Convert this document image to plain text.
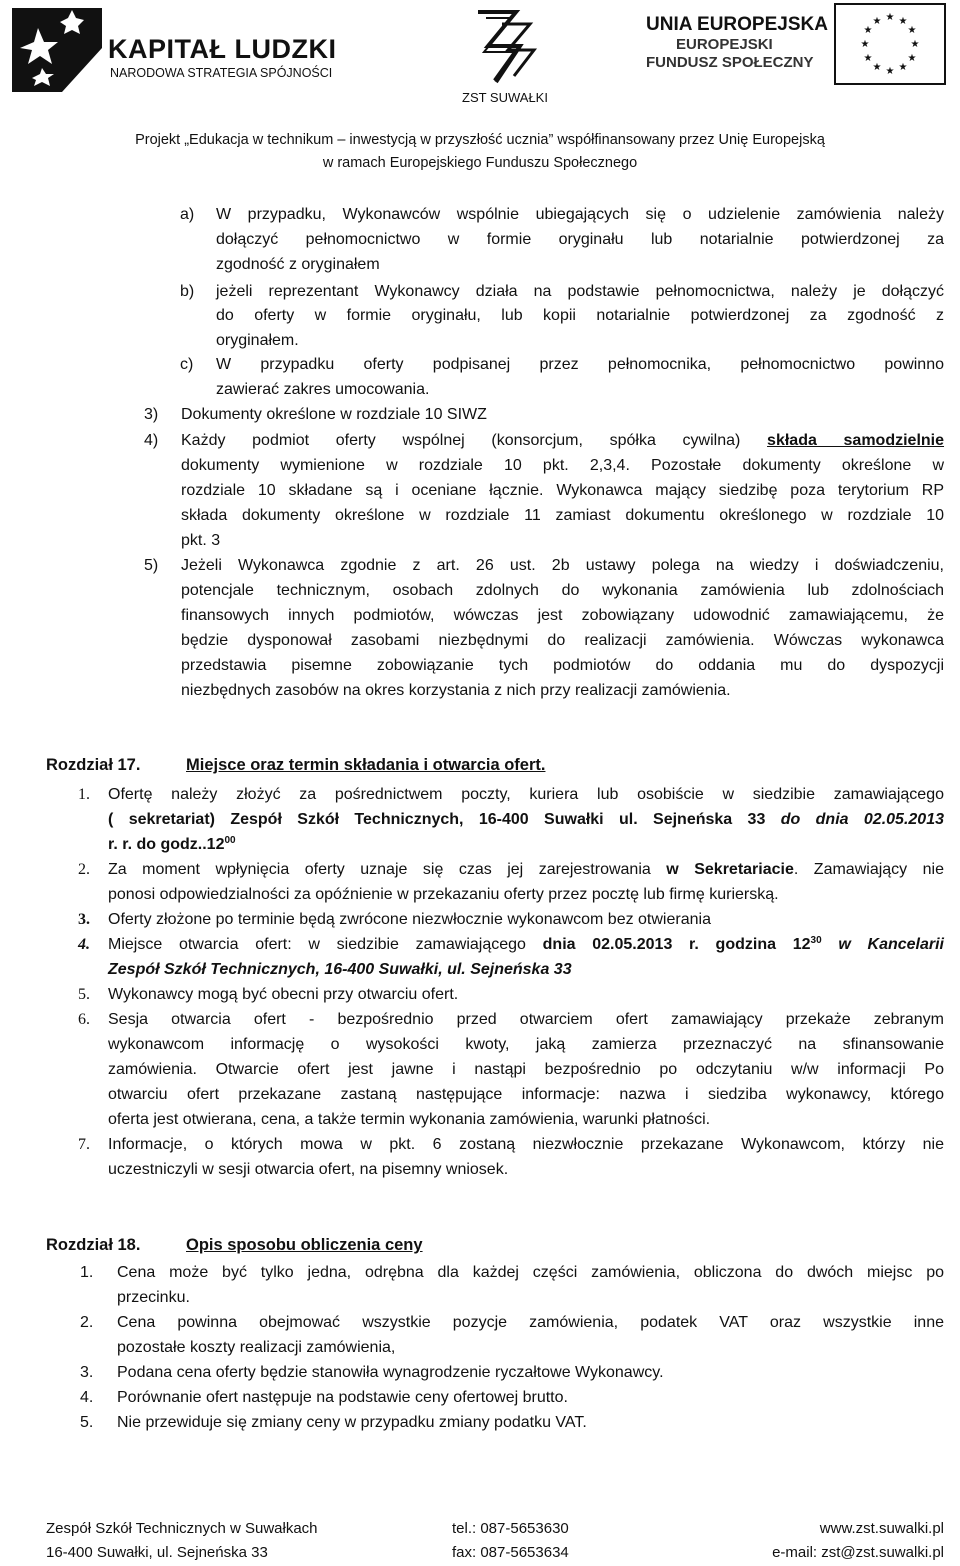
KAPITAŁ LUDZKI
NARODOWA STRATEGIA SPÓJNOŚCI
ZST SUWAŁKI
UNIA EUROPEJSKA
EUROPEJSKI
FUNDUSZ SPOŁECZNY
★ ★
★
★
★
★
★
★
★
★
★
★
Projekt „Edukacja w technikum – inwestycją w przyszłość ucznia” współfinansowany przez Unię Europejską
w ramach Europejskiego Funduszu Społecznego
a) W przypadku, Wykonawców wspólnie ubiegających się o udzielenie zamówienia należy
dołączyć pełnomocnictwo w formie oryginału lub notarialnie potwierdzonej za
zgodność z oryginałem
b) jeżeli reprezentant Wykonawcy działa na podstawie pełnomocnictwa, należy je dołączyć
do oferty w formie oryginału, lub kopii notarialnie potwierdzonej za zgodność z
oryginałem.
c) W przypadku oferty podpisanej przez pełnomocnika, pełnomocnictwo powinno
zawierać zakres umocowania.
3) Dokumenty określone w rozdziale 10 SIWZ
4) Każdy podmiot oferty wspólnej (konsorcjum, spółka cywilna) składa samodzielnie
dokumenty wymienione w rozdziale 10 pkt. 2,3,4. Pozostałe dokumenty określone w
rozdziale 10 składane są i oceniane łącznie. Wykonawca mający siedzibę poza terytorium RP
składa dokumenty określone w rozdziale 11 zamiast dokumentu określonego w rozdziale 10
pkt. 3
5) Jeżeli Wykonawca zgodnie z art. 26 ust. 2b ustawy polega na wiedzy i doświadczeniu,
potencjale technicznym, osobach zdolnych do wykonania zamówienia lub zdolnościach
finansowych innych podmiotów, wówczas jest zobowiązany udowodnić zamawiającemu, że
będzie dysponował zasobami niezbędnymi do realizacji zamówienia. Wówczas wykonawca
przedstawia pisemne zobowiązanie tych podmiotów do oddania mu do dyspozycji
niezbędnych zasobów na okres korzystania z nich przy realizacji zamówienia.
Rozdział 17.	Miejsce oraz termin składania i otwarcia ofert.
1. Ofertę należy złożyć za pośrednictwem poczty, kuriera lub osobiście w siedzibie zamawiającego
( sekretariat) Zespół Szkół Technicznych, 16-400 Suwałki ul. Sejneńska 33 do dnia 02.05.2013
r. r. do godz..12$^{00}$
2. Za moment wpłynięcia oferty uznaje się czas jej zarejestrowania w Sekretariacie. Zamawiający nie
ponosi odpowiedzialności za opóźnienie w przekazaniu oferty przez pocztę lub firmę kurierską.
3. Oferty złożone po terminie będą zwrócone niezwłocznie wykonawcom bez otwierania
4. Miejsce otwarcia ofert: w siedzibie zamawiającego dnia 02.05.2013 r. godzina $12^{30}$ w Kancelarii
Zespół Szkół Technicznych, 16-400 Suwałki, ul. Sejneńska 33
5. Wykonawcy mogą być obecni przy otwarciu ofert.
6. Sesja otwarcia ofert - bezpośrednio przed otwarciem ofert zamawiający przekaże zebranym
wykonawcom informację o wysokości kwoty, jaką zamierza przeznaczyć na sfinansowanie
zamówienia. Otwarcie ofert jest jawne i nastąpi bezpośrednio po odczytaniu w/w informacji Po
otwarciu ofert przekazane zastaną następujące informacje: nazwa i siedziba wykonawcy, którego
oferta jest otwierana, cena, a także termin wykonania zamówienia, warunki płatności.
7. Informacje, o których mowa w pkt. 6 zostaną niezwłocznie przekazane Wykonawcom, którzy nie
uczestniczyli w sesji otwarcia ofert, na pisemny wniosek.
Rozdział 18.	Opis sposobu obliczenia ceny
1. Cena może być tylko jedna, odrębna dla każdej części zamówienia, obliczona do dwóch miejsc po
przecinku.
2. Cena powinna obejmować wszystkie pozycje zamówienia, podatek VAT oraz wszystkie inne
pozostałe koszty realizacji zamówienia,
3. Podana cena oferty będzie stanowiła wynagrodzenie ryczałtowe Wykonawcy.
4. Porównanie ofert następuje na podstawie ceny ofertowej brutto.
5. Nie przewiduje się zmiany ceny w przypadku zmiany podatku VAT.
Zespół Szkół Technicznych w Suwałkach
16-400 Suwałki, ul. Sejneńska 33
tel.: 087-5653630
fax: 087-5653634
www.zst.suwalki.pl
e-mail: zst@zst.suwalki.pl
